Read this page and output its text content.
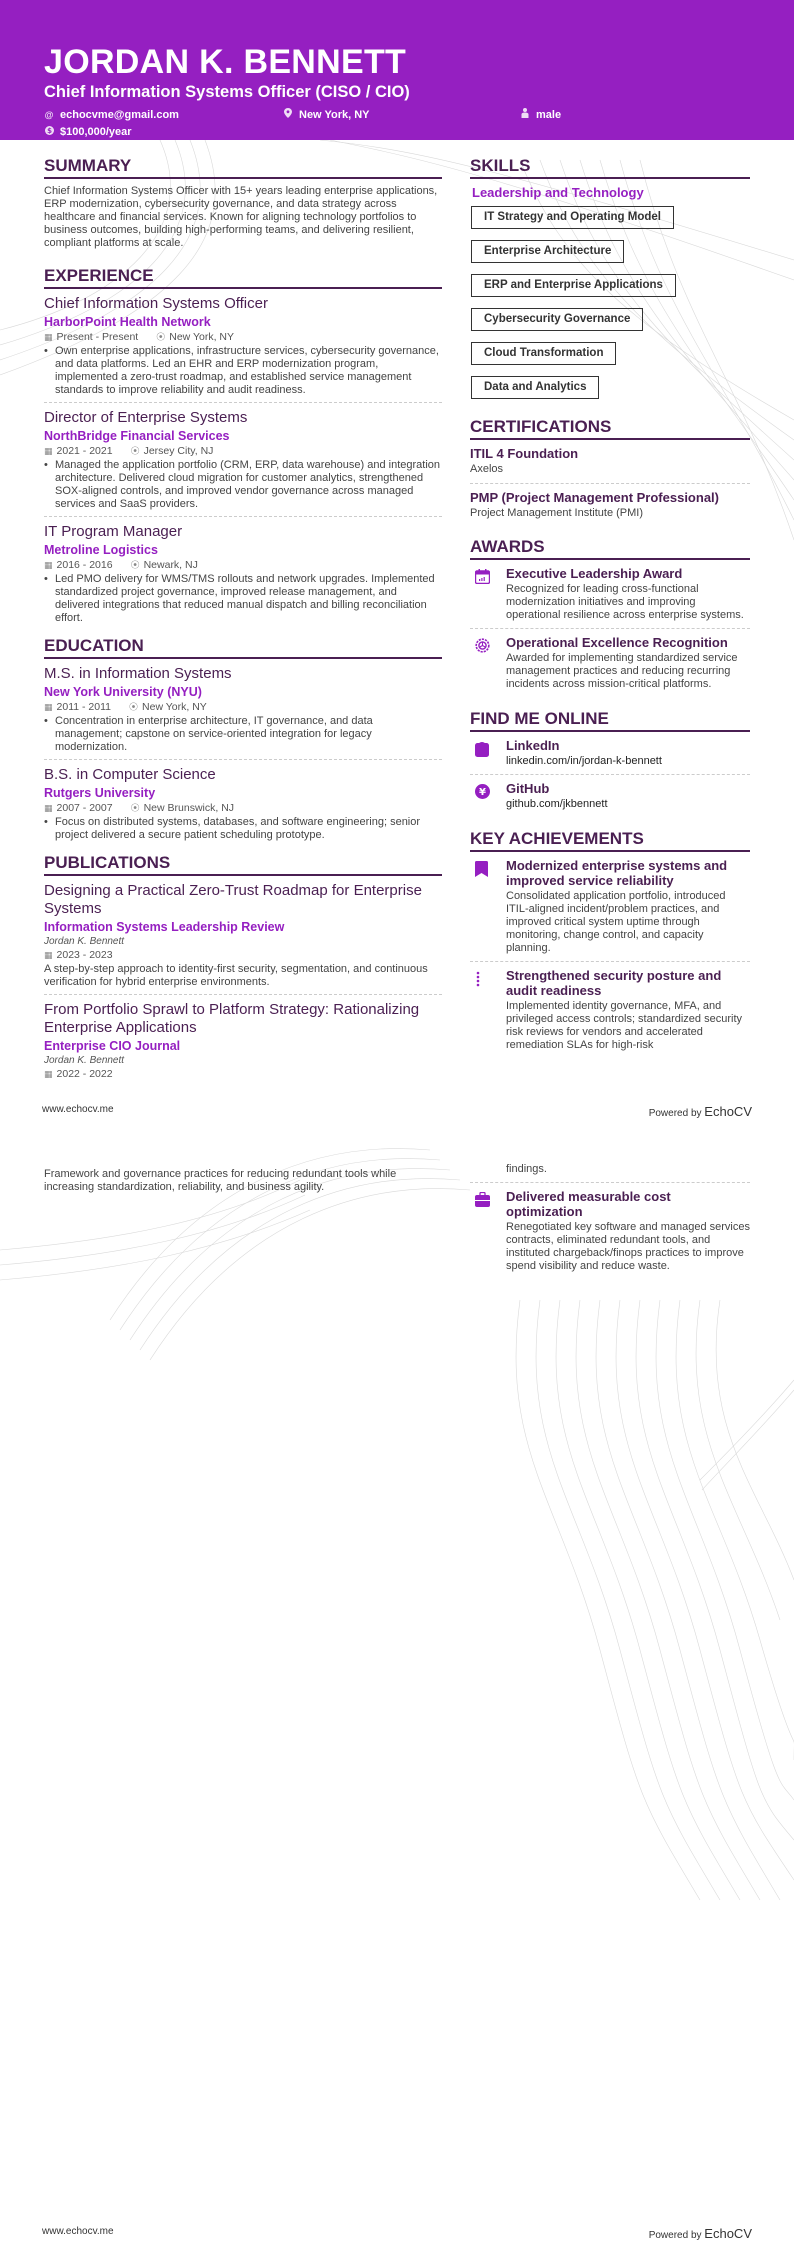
JORDAN K. BENNETT
Chief Information Systems Officer (CISO / CIO)
@ echocvme@gmail.com	New York, NY	male
$ $100,000/year
SUMMARY
Chief Information Systems Officer with 15+ years leading enterprise applications, ERP modernization, cybersecurity governance, and data strategy across healthcare and financial services. Known for aligning technology portfolios to business outcomes, building high-performing teams, and delivering resilient, compliant platforms at scale.
EXPERIENCE
Chief Information Systems Officer
HarborPoint Health Network
▦ Present - Present ⦿ New York, NY
• Own enterprise applications, infrastructure services, cybersecurity governance, and data platforms. Led an EHR and ERP modernization program, implemented a zero-trust roadmap, and established service management standards to improve reliability and audit readiness.
Director of Enterprise Systems
NorthBridge Financial Services
▦ 2021 - 2021 ⦿ Jersey City, NJ
• Managed the application portfolio (CRM, ERP, data warehouse) and integration architecture. Delivered cloud migration for customer analytics, strengthened SOX-aligned controls, and improved vendor governance across managed services and SaaS providers.
IT Program Manager
Metroline Logistics
▦ 2016 - 2016 ⦿ Newark, NJ
• Led PMO delivery for WMS/TMS rollouts and network upgrades. Implemented standardized project governance, improved release management, and delivered integrations that reduced manual dispatch and billing reconciliation effort.
EDUCATION
M.S. in Information Systems
New York University (NYU)
▦ 2011 - 2011 ⦿ New York, NY
• Concentration in enterprise architecture, IT governance, and data management; capstone on service-oriented integration for legacy modernization.
B.S. in Computer Science
Rutgers University
▦ 2007 - 2007 ⦿ New Brunswick, NJ
• Focus on distributed systems, databases, and software engineering; senior project delivered a secure patient scheduling prototype.
PUBLICATIONS
Designing a Practical Zero-Trust Roadmap for Enterprise Systems
Information Systems Leadership Review
Jordan K. Bennett
▦ 2023 - 2023
A step-by-step approach to identity-first security, segmentation, and continuous verification for hybrid enterprise environments.
From Portfolio Sprawl to Platform Strategy: Rationalizing Enterprise Applications
Enterprise CIO Journal
Jordan K. Bennett
▦ 2022 - 2022
SKILLS
Leadership and Technology
IT Strategy and Operating Model
Enterprise Architecture
ERP and Enterprise Applications
Cybersecurity Governance
Cloud Transformation
Data and Analytics
CERTIFICATIONS
ITIL 4 Foundation
Axelos
PMP (Project Management Professional)
Project Management Institute (PMI)
AWARDS
Executive Leadership Award
Recognized for leading cross-functional modernization initiatives and improving operational resilience across enterprise systems.
Operational Excellence Recognition
Awarded for implementing standardized service management practices and reducing recurring incidents across mission-critical platforms.
FIND ME ONLINE
LinkedIn
linkedin.com/in/jordan-k-bennett
¥ GitHub
github.com/jkbennett
KEY ACHIEVEMENTS
Modernized enterprise systems and improved service reliability
Consolidated application portfolio, introduced ITIL-aligned incident/problem practices, and improved critical system uptime through monitoring, change control, and capacity planning.
Strengthened security posture and audit readiness
Implemented identity governance, MFA, and privileged access controls; standardized security risk reviews for vendors and accelerated remediation SLAs for high-risk
www.echocv.me	Powered by EchoCV
Framework and governance practices for reducing redundant tools while increasing standardization, reliability, and business agility.
findings.
Delivered measurable cost optimization
Renegotiated key software and managed services contracts, eliminated redundant tools, and instituted chargeback/finops practices to improve spend visibility and reduce waste.
www.echocv.me	Powered by EchoCV
